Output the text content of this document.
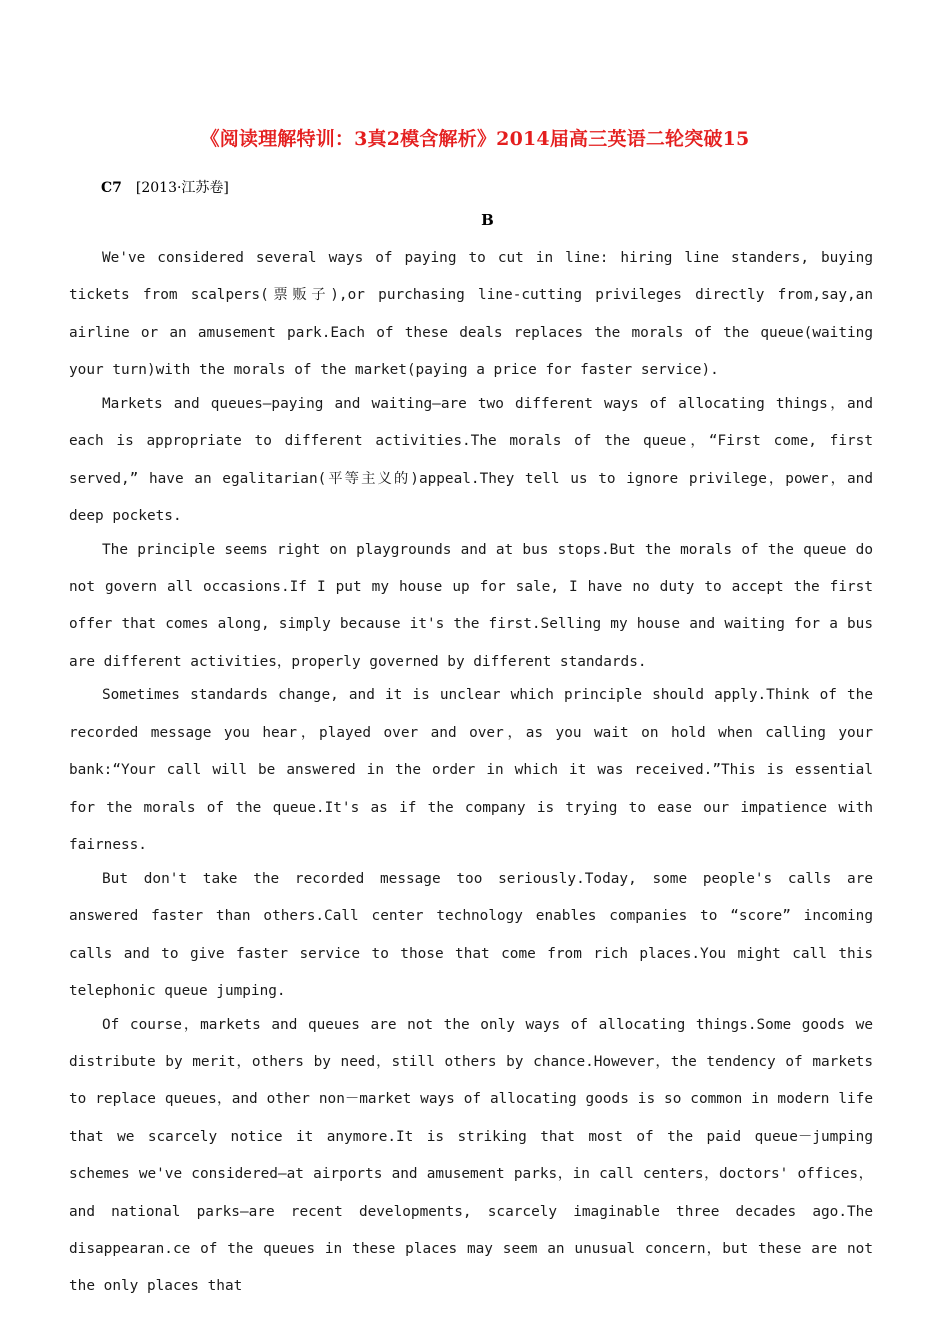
《阅读理解特训：3真2模含解析》2014届高三英语二轮突破15
C7 [2013·江苏卷]
B

We've considered several ways of paying to cut in line: hiring line standers, buying tickets from scalpers(票贩子),or purchasing line-cutting privileges directly from,say,an airline or an amusement park.Each of these deals replaces the morals of the queue(waiting your turn)with the morals of the market(paying a price for faster service).

Markets and queues—paying and waiting—are two different ways of allocating things，and each is appropriate to different activities.The morals of the queue，“First come, first served,” have an egalitarian(平等主义的)appeal.They tell us to ignore privilege，power，and deep pockets.

The principle seems right on playgrounds and at bus stops.But the morals of the queue do not govern all occasions.If I put my house up for sale, I have no duty to accept the first offer that comes along, simply because it's the first.Selling my house and waiting for a bus are different activities，properly governed by different standards.

Sometimes standards change, and it is unclear which principle should apply.Think of the recorded message you hear，played over and over，as you wait on hold when calling your bank:“Your call will be answered in the order in which it was received.”This is essential for the morals of the queue.It's as if the company is trying to ease our impatience with fairness.

But don't take the recorded message too seriously.Today, some people's calls are answered faster than others.Call center technology enables companies to “score” incoming calls and to give faster service to those that come from rich places.You might call this telephonic queue jumping.

Of course，markets and queues are not the only ways of allocating things.Some goods we distribute by merit，others by need，still others by chance.However，the tendency of markets to replace queues，and other non－market ways of allocating goods is so common in modern life that we scarcely notice it anymore.It is striking that most of the paid queue－jumping schemes we've considered—at airports and amusement parks，in call centers，doctors' offices，and national parks—are recent developments, scarcely imaginable three decades ago.The disappearan.ce of the queues in these places may seem an unusual concern，but these are not the only places that
